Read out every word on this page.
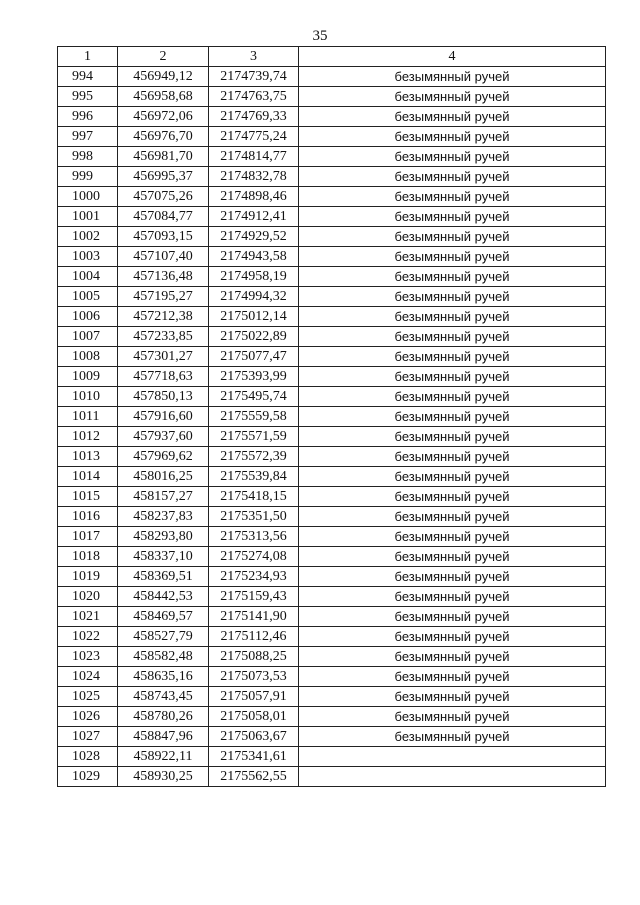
35
1	2	3	4
994	456949,12	2174739,74	безымянный ручей
995	456958,68	2174763,75	безымянный ручей
996	456972,06	2174769,33	безымянный ручей
997	456976,70	2174775,24	безымянный ручей
998	456981,70	2174814,77	безымянный ручей
999	456995,37	2174832,78	безымянный ручей
1000	457075,26	2174898,46	безымянный ручей
1001	457084,77	2174912,41	безымянный ручей
1002	457093,15	2174929,52	безымянный ручей
1003	457107,40	2174943,58	безымянный ручей
1004	457136,48	2174958,19	безымянный ручей
1005	457195,27	2174994,32	безымянный ручей
1006	457212,38	2175012,14	безымянный ручей
1007	457233,85	2175022,89	безымянный ручей
1008	457301,27	2175077,47	безымянный ручей
1009	457718,63	2175393,99	безымянный ручей
1010	457850,13	2175495,74	безымянный ручей
1011	457916,60	2175559,58	безымянный ручей
1012	457937,60	2175571,59	безымянный ручей
1013	457969,62	2175572,39	безымянный ручей
1014	458016,25	2175539,84	безымянный ручей
1015	458157,27	2175418,15	безымянный ручей
1016	458237,83	2175351,50	безымянный ручей
1017	458293,80	2175313,56	безымянный ручей
1018	458337,10	2175274,08	безымянный ручей
1019	458369,51	2175234,93	безымянный ручей
1020	458442,53	2175159,43	безымянный ручей
1021	458469,57	2175141,90	безымянный ручей
1022	458527,79	2175112,46	безымянный ручей
1023	458582,48	2175088,25	безымянный ручей
1024	458635,16	2175073,53	безымянный ручей
1025	458743,45	2175057,91	безымянный ручей
1026	458780,26	2175058,01	безымянный ручей
1027	458847,96	2175063,67	безымянный ручей
1028	458922,11	2175341,61	
1029	458930,25	2175562,55	
